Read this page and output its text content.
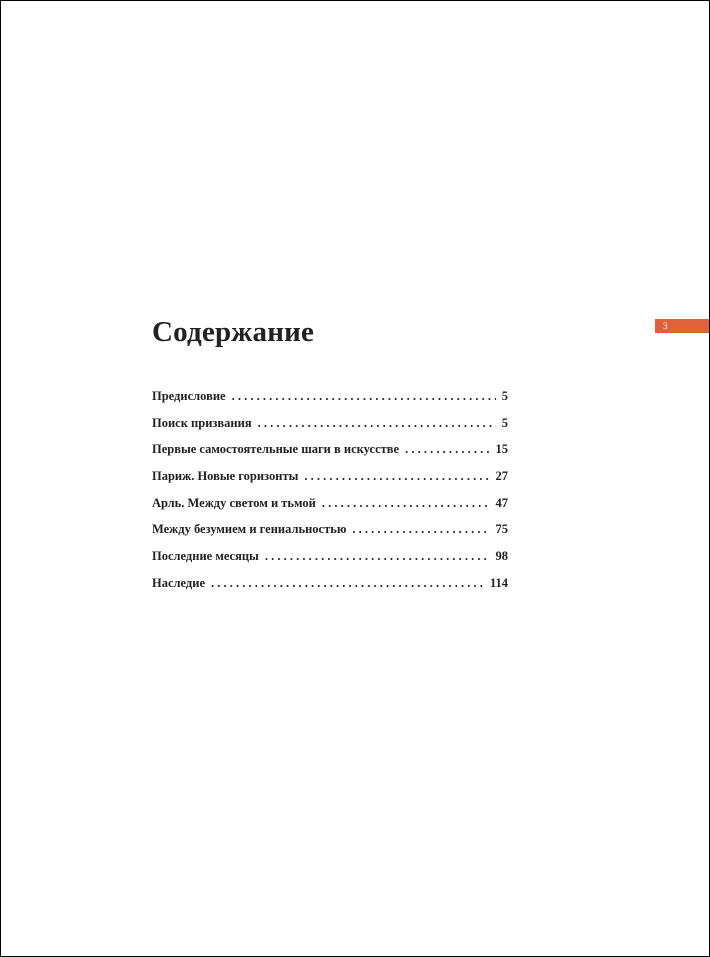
3
Содержание
Предисловие . . .	5
Поиск призвания . . .	5
Первые самостоятельные шаги в искусстве . . .	15
Париж. Новые горизонты . . .	27
Арль. Между светом и тьмой . . .	47
Между безумием и гениальностью . . .	75
Последние месяцы . . .	98
Наследие . . .	114
